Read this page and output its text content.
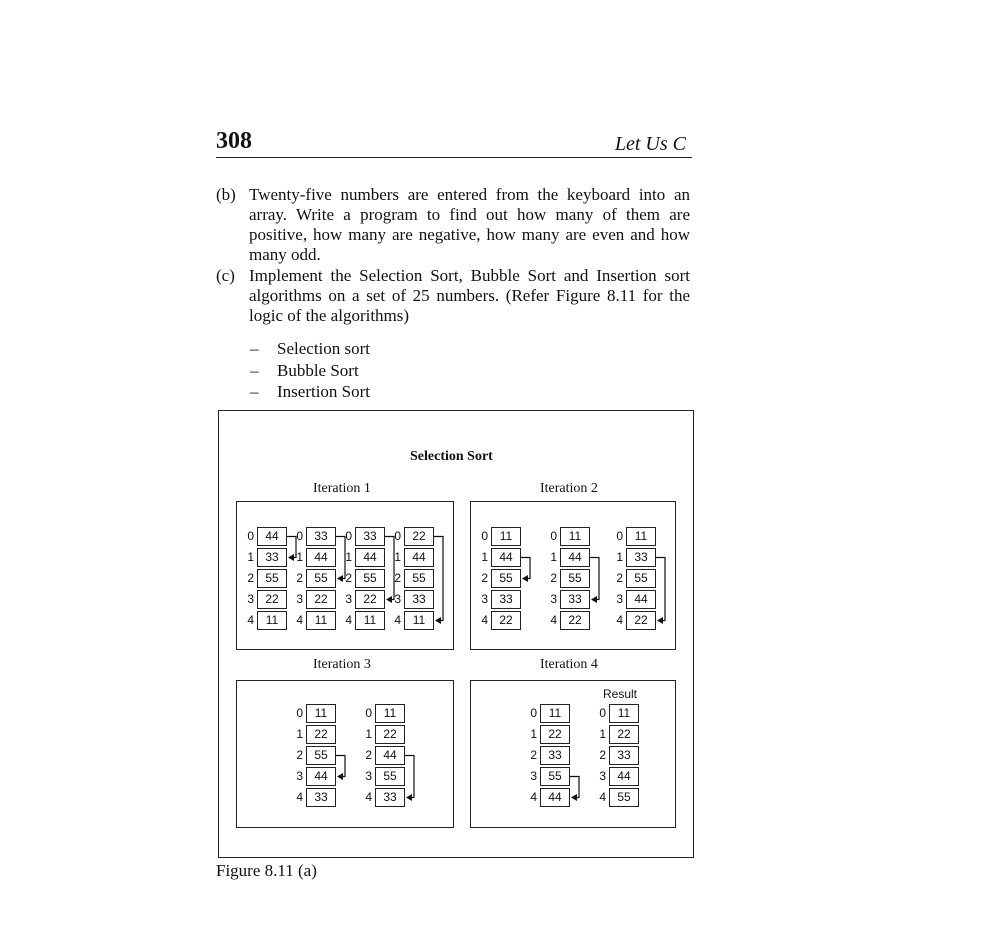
308	Let Us C
(b) Twenty-five numbers are entered from the keyboard into an array. Write a program to find out how many of them are positive, how many are negative, how many are even and how many odd.
(c) Implement the Selection Sort, Bubble Sort and Insertion sort algorithms on a set of 25 numbers. (Refer Figure 8.11 for the logic of the algorithms)
– Selection sort
– Bubble Sort
– Insertion Sort
Selection Sort
Iteration 1	Iteration 2
Iteration 3	Iteration 4
Result
0 44
1 33
2 55
3 22
4 11
0 33
1 44
2 55
3 22
4 11
0 33
1 44
2 55
3 22
4 11
0 22
1 44
2 55
3 33
4 11
0 11
1 44
2 55
3 33
4 22
0 11
1 44
2 55
3 33
4 22
0 11
1 33
2 55
3 44
4 22
0 11
1 22
2 55
3 44
4 33
0 11
1 22
2 44
3 55
4 33
0 11
1 22
2 33
3 55
4 44
0 11
1 22
2 33
3 44
4 55
Figure 8.11 (a)
